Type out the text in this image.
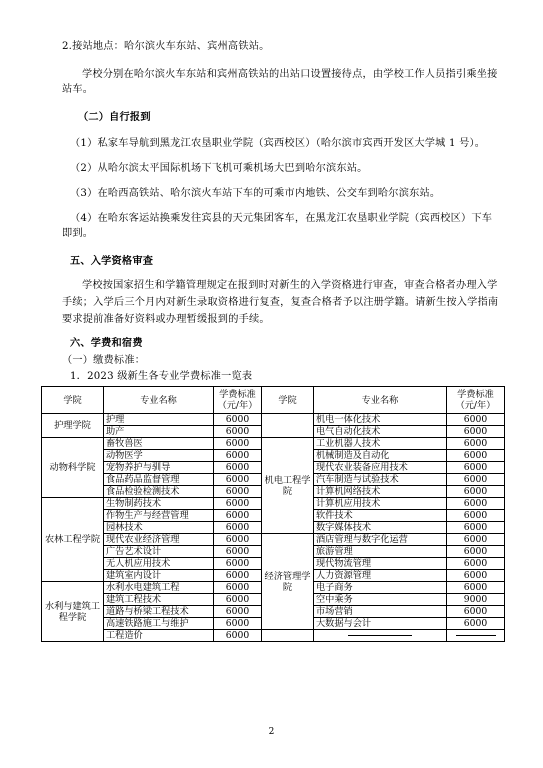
2.接站地点：哈尔滨火车东站、宾州高铁站。
学校分别在哈尔滨火车东站和宾州高铁站的出站口设置接待点，由学校工作人员指引乘坐接
站车。
（二）自行报到
（1）私家车导航到黑龙江农垦职业学院（宾西校区）（哈尔滨市宾西开发区大学城 1 号）。
（2）从哈尔滨太平国际机场下飞机可乘机场大巴到哈尔滨东站。
（3）在哈西高铁站、哈尔滨火车站下车的可乘市内地铁、公交车到哈尔滨东站。
（4）在哈东客运站换乘发往宾县的天元集团客车，在黑龙江农垦职业学院（宾西校区）下车
即到。
五、入学资格审查
学校按国家招生和学籍管理规定在报到时对新生的入学资格进行审查，审查合格者办理入学
手续；入学后三个月内对新生录取资格进行复查，复查合格者予以注册学籍。请新生按入学指南
要求提前准备好资料或办理暂缓报到的手续。
六、学费和宿费
（一）缴费标准：
1．2023 级新生各专业学费标准一览表
学院	专业名称	学费标准（元/年）	学院	专业名称	学费标准（元/年）
护理学院	护理	6000		机电一体化技术	6000
	助产	6000		电气自动化技术	6000
动物科学院	畜牧兽医	6000	机电工程学院	工业机器人技术	6000
	动物医学	6000		机械制造及自动化	6000
	宠物养护与驯导	6000		现代农业装备应用技术	6000
	食品药品监督管理	6000		汽车制造与试验技术	6000
	食品检验检测技术	6000		计算机网络技术	6000
农林工程学院	生物制药技术	6000		计算机应用技术	6000
	作物生产与经营管理	6000		软件技术	6000
	园林技术	6000		数字媒体技术	6000
	现代农业经济管理	6000	经济管理学院	酒店管理与数字化运营	6000
	广告艺术设计	6000		旅游管理	6000
	无人机应用技术	6000		现代物流管理	6000
	建筑室内设计	6000		人力资源管理	6000
水利与建筑工程学院	水利水电建筑工程	6000		电子商务	6000
	建筑工程技术	6000		空中乘务	9000
	道路与桥梁工程技术	6000		市场营销	6000
	高速铁路施工与维护	6000		大数据与会计	6000
	工程造价	6000			
2
